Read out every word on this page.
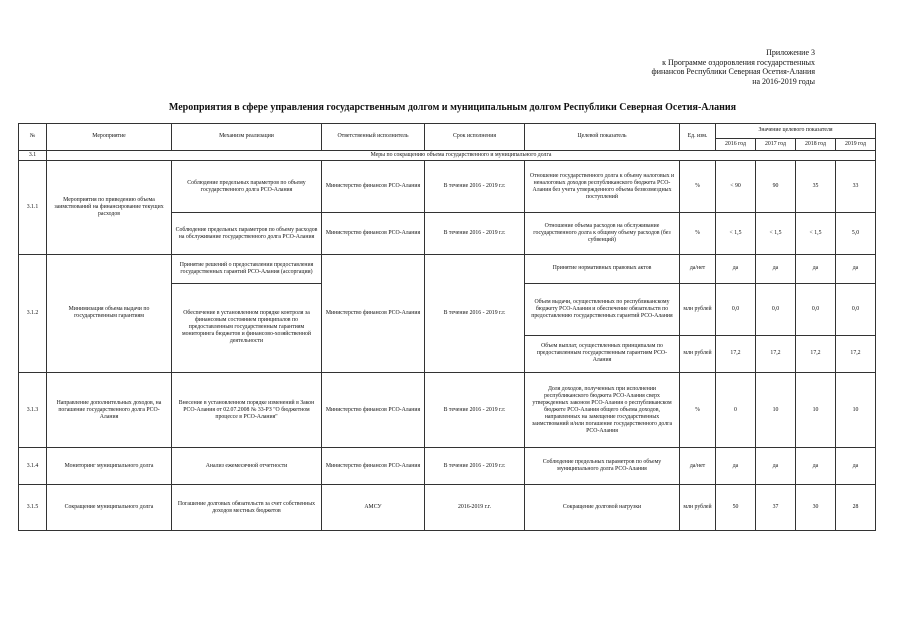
Приложение 3
к Программе оздоровления государственных
финансов Республики Северная Осетия-Алания
на 2016-2019 годы
Мероприятия в сфере управления государственным долгом и муниципальным долгом Республики Северная Осетия-Алания
№	Мероприятие	Механизм реализации	Ответственный исполнитель	Срок исполнения	Целевой показатель	Ед. изм.	Значение целевого показателя			
							2016 год	2017 год	2018 год	2019 год
3.1	Меры по сокращению объема государственного и муниципального долга									
3.1.1	Мероприятия по приведению объема заимствований на финансирование текущих расходов	Соблюдение предельных параметров по объему государственного долга РСО-Алания	Министерство финансов РСО-Алания	В течение 2016 - 2019 г.г.	Отношение государственного долга к объему налоговых и неналоговых доходов республиканского бюджета РСО-Алания без учета утвержденного объема безвозмездных поступлений	%	< 90	90	35	33
		Соблюдение предельных параметров по объему расходов на обслуживание государственного долга РСО-Алания	Министерство финансов РСО-Алания	В течение 2016 - 2019 г.г.	Отношение объема расходов на обслуживание государственного долга к общему объему расходов (без субвенций)	%	< 1,5	< 1,5	< 1,5	5,0
3.1.2	Минимизация объема выдачи по государственным гарантиям	Принятие решений о предоставлении предоставления государственных гарантий РСО-Алания (ассоргации)	Министерство финансов РСО-Алания	В течение 2016 - 2019 г.г.	Принятие нормативных правовых актов	да/нет	да	да	да	да
		Обеспечение в установленном порядке контроля за финансовым состоянием принципалов по предоставленным государственным гарантиям мониторинга бюджетов и финансово-хозяйственной деятельности			Объем выдачи, осуществленных по республиканскому бюджету РСО-Алания и обеспечение обязательств по предоставлению государственных гарантий РСО-Алания	млн рублей	0,0	0,0	0,0	0,0
					Объем выплат, осуществленных принципалам по предоставленным государственным гарантиям РСО-Алания	млн рублей	17,2	17,2	17,2	17,2
3.1.3	Направление дополнительных доходов, на погашение государственного долга РСО-Алания	Внесение в установленном порядке изменений в Закон РСО-Алания от 02.07.2008 № 33-РЗ "О бюджетном процессе в РСО-Алания"	Министерство финансов РСО-Алания	В течение 2016 - 2019 г.г.	Доля доходов, полученных при исполнении республиканского бюджета РСО-Алания сверх утвержденных законом РСО-Алания о республиканском бюджете РСО-Алания общего объема доходов, направленных на замещение государственных заимствований и/или погашение государственного долга РСО-Алания	%	0	10	10	10
3.1.4	Мониторинг муниципального долга	Анализ ежемесячной отчетности	Министерство финансов РСО-Алания	В течение 2016 - 2019 г.г.	Соблюдение предельных параметров по объему муниципального долга РСО-Алания	да/нет	да	да	да	да
3.1.5	Сокращение муниципального долга	Погашение долговых обязательств за счет собственных доходов местных бюджетов	АМСУ	2016-2019 г.г.	Сокращение долговой нагрузки	млн рублей	50	37	30	28
